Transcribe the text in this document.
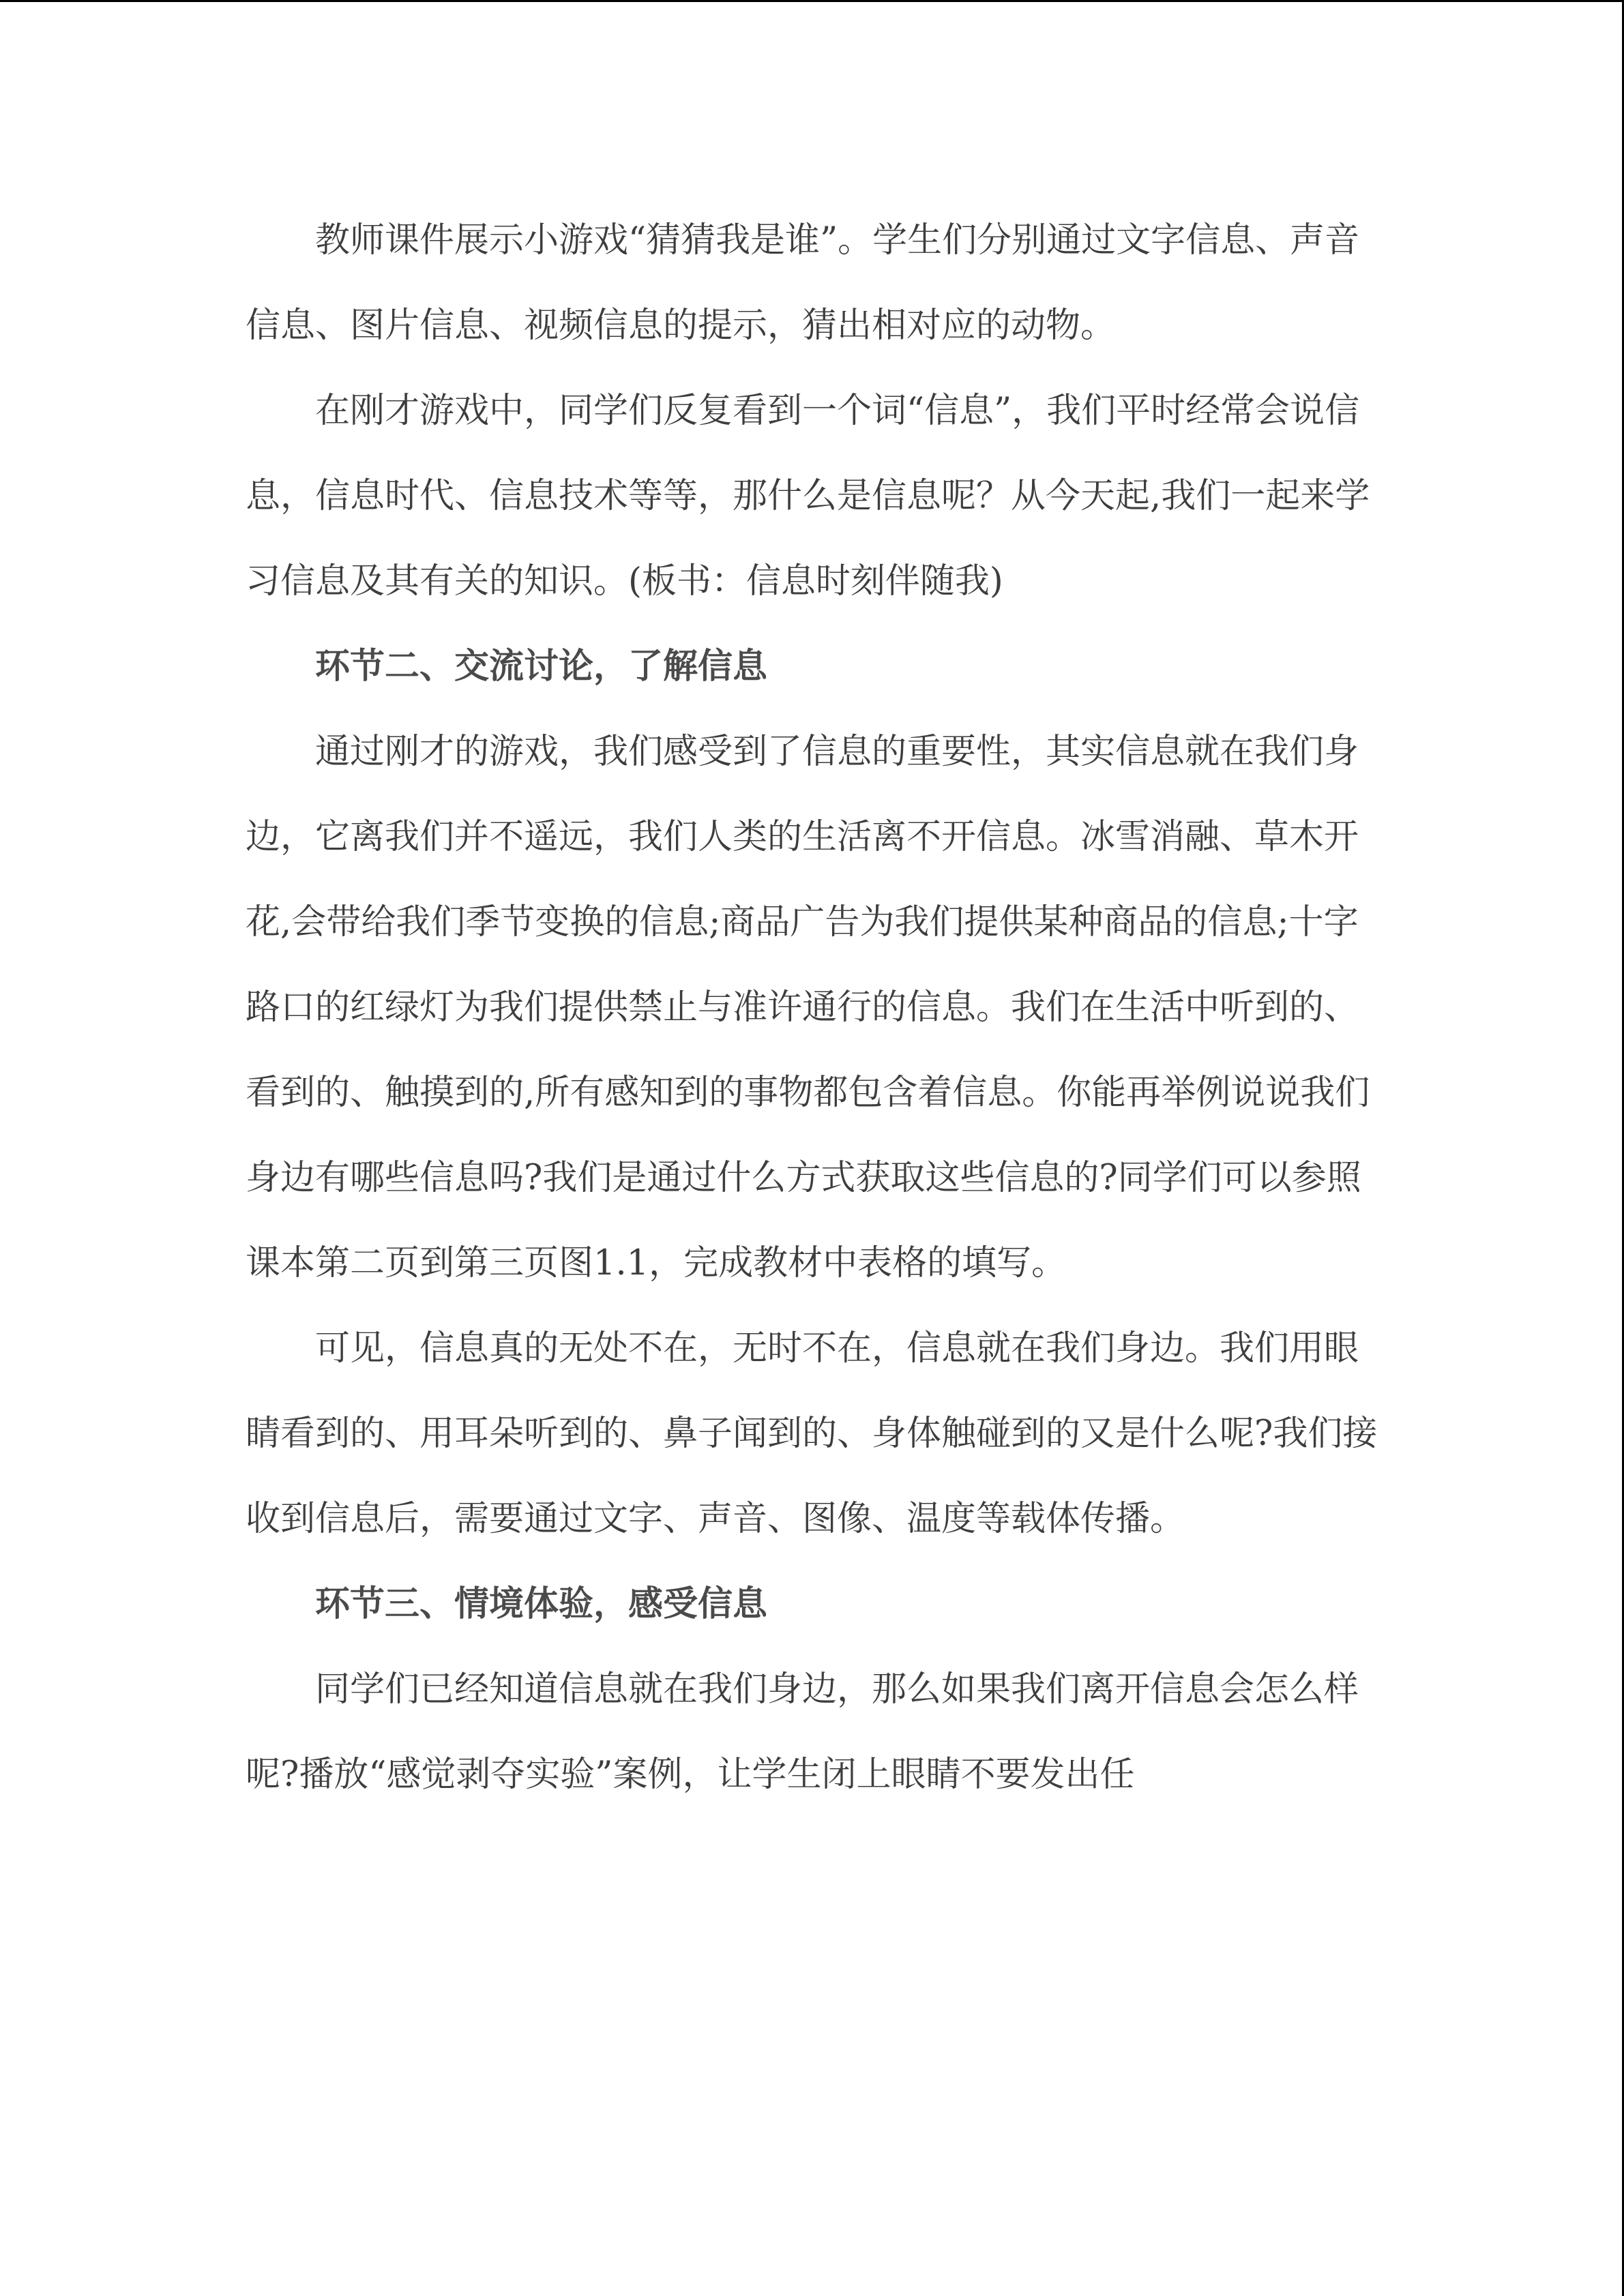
教师课件展示小游戏“猜猜我是谁”。学生们分别通过文字信息、声音信息、图片信息、视频信息的提示，猜出相对应的动物。

在刚才游戏中，同学们反复看到一个词“信息”，我们平时经常会说信息，信息时代、信息技术等等，那什么是信息呢？从今天起,我们一起来学习信息及其有关的知识。(板书：信息时刻伴随我)

环节二、交流讨论，了解信息

通过刚才的游戏，我们感受到了信息的重要性，其实信息就在我们身边，它离我们并不遥远，我们人类的生活离不开信息。冰雪消融、草木开花,会带给我们季节变换的信息;商品广告为我们提供某种商品的信息;十字路口的红绿灯为我们提供禁止与准许通行的信息。我们在生活中听到的、看到的、触摸到的,所有感知到的事物都包含着信息。你能再举例说说我们身边有哪些信息吗?我们是通过什么方式获取这些信息的?同学们可以参照课本第二页到第三页图1.1，完成教材中表格的填写。

可见，信息真的无处不在，无时不在，信息就在我们身边。我们用眼睛看到的、用耳朵听到的、鼻子闻到的、身体触碰到的又是什么呢?我们接收到信息后，需要通过文字、声音、图像、温度等载体传播。

环节三、情境体验，感受信息

同学们已经知道信息就在我们身边，那么如果我们离开信息会怎么样呢?播放“感觉剥夺实验”案例，让学生闭上眼睛不要发出任
